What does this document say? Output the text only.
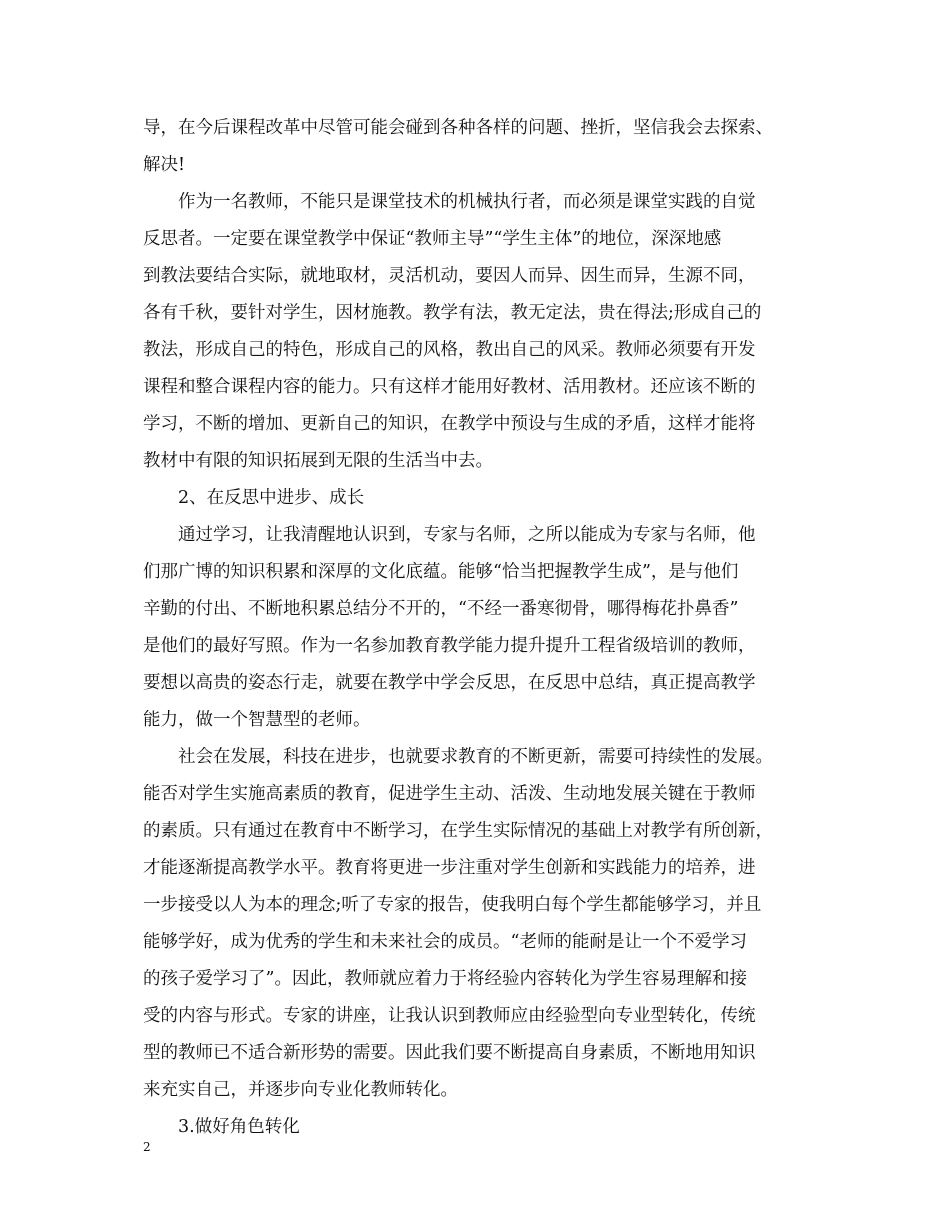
导，在今后课程改革中尽管可能会碰到各种各样的问题、挫折，坚信我会去探索、
解决!
作为一名教师，不能只是课堂技术的机械执行者，而必须是课堂实践的自觉
反思者。一定要在课堂教学中保证“教师主导”“学生主体”的地位，深深地感
到教法要结合实际，就地取材，灵活机动，要因人而异、因生而异，生源不同，
各有千秋，要针对学生，因材施教。教学有法，教无定法，贵在得法;形成自己的
教法，形成自己的特色，形成自己的风格，教出自己的风采。教师必须要有开发
课程和整合课程内容的能力。只有这样才能用好教材、活用教材。还应该不断的
学习，不断的增加、更新自己的知识，在教学中预设与生成的矛盾，这样才能将
教材中有限的知识拓展到无限的生活当中去。
2、在反思中进步、成长
通过学习，让我清醒地认识到，专家与名师，之所以能成为专家与名师，他
们那广博的知识积累和深厚的文化底蕴。能够“恰当把握教学生成”，是与他们
辛勤的付出、不断地积累总结分不开的，“不经一番寒彻骨，哪得梅花扑鼻香”
是他们的最好写照。作为一名参加教育教学能力提升提升工程省级培训的教师，
要想以高贵的姿态行走，就要在教学中学会反思，在反思中总结，真正提高教学
能力，做一个智慧型的老师。
社会在发展，科技在进步，也就要求教育的不断更新，需要可持续性的发展。
能否对学生实施高素质的教育，促进学生主动、活泼、生动地发展关键在于教师
的素质。只有通过在教育中不断学习，在学生实际情况的基础上对教学有所创新，
才能逐渐提高教学水平。教育将更进一步注重对学生创新和实践能力的培养，进
一步接受以人为本的理念;听了专家的报告，使我明白每个学生都能够学习，并且
能够学好，成为优秀的学生和未来社会的成员。“老师的能耐是让一个不爱学习
的孩子爱学习了”。因此，教师就应着力于将经验内容转化为学生容易理解和接
受的内容与形式。专家的讲座，让我认识到教师应由经验型向专业型转化，传统
型的教师已不适合新形势的需要。因此我们要不断提高自身素质，不断地用知识
来充实自己，并逐步向专业化教师转化。
3.做好角色转化
2
